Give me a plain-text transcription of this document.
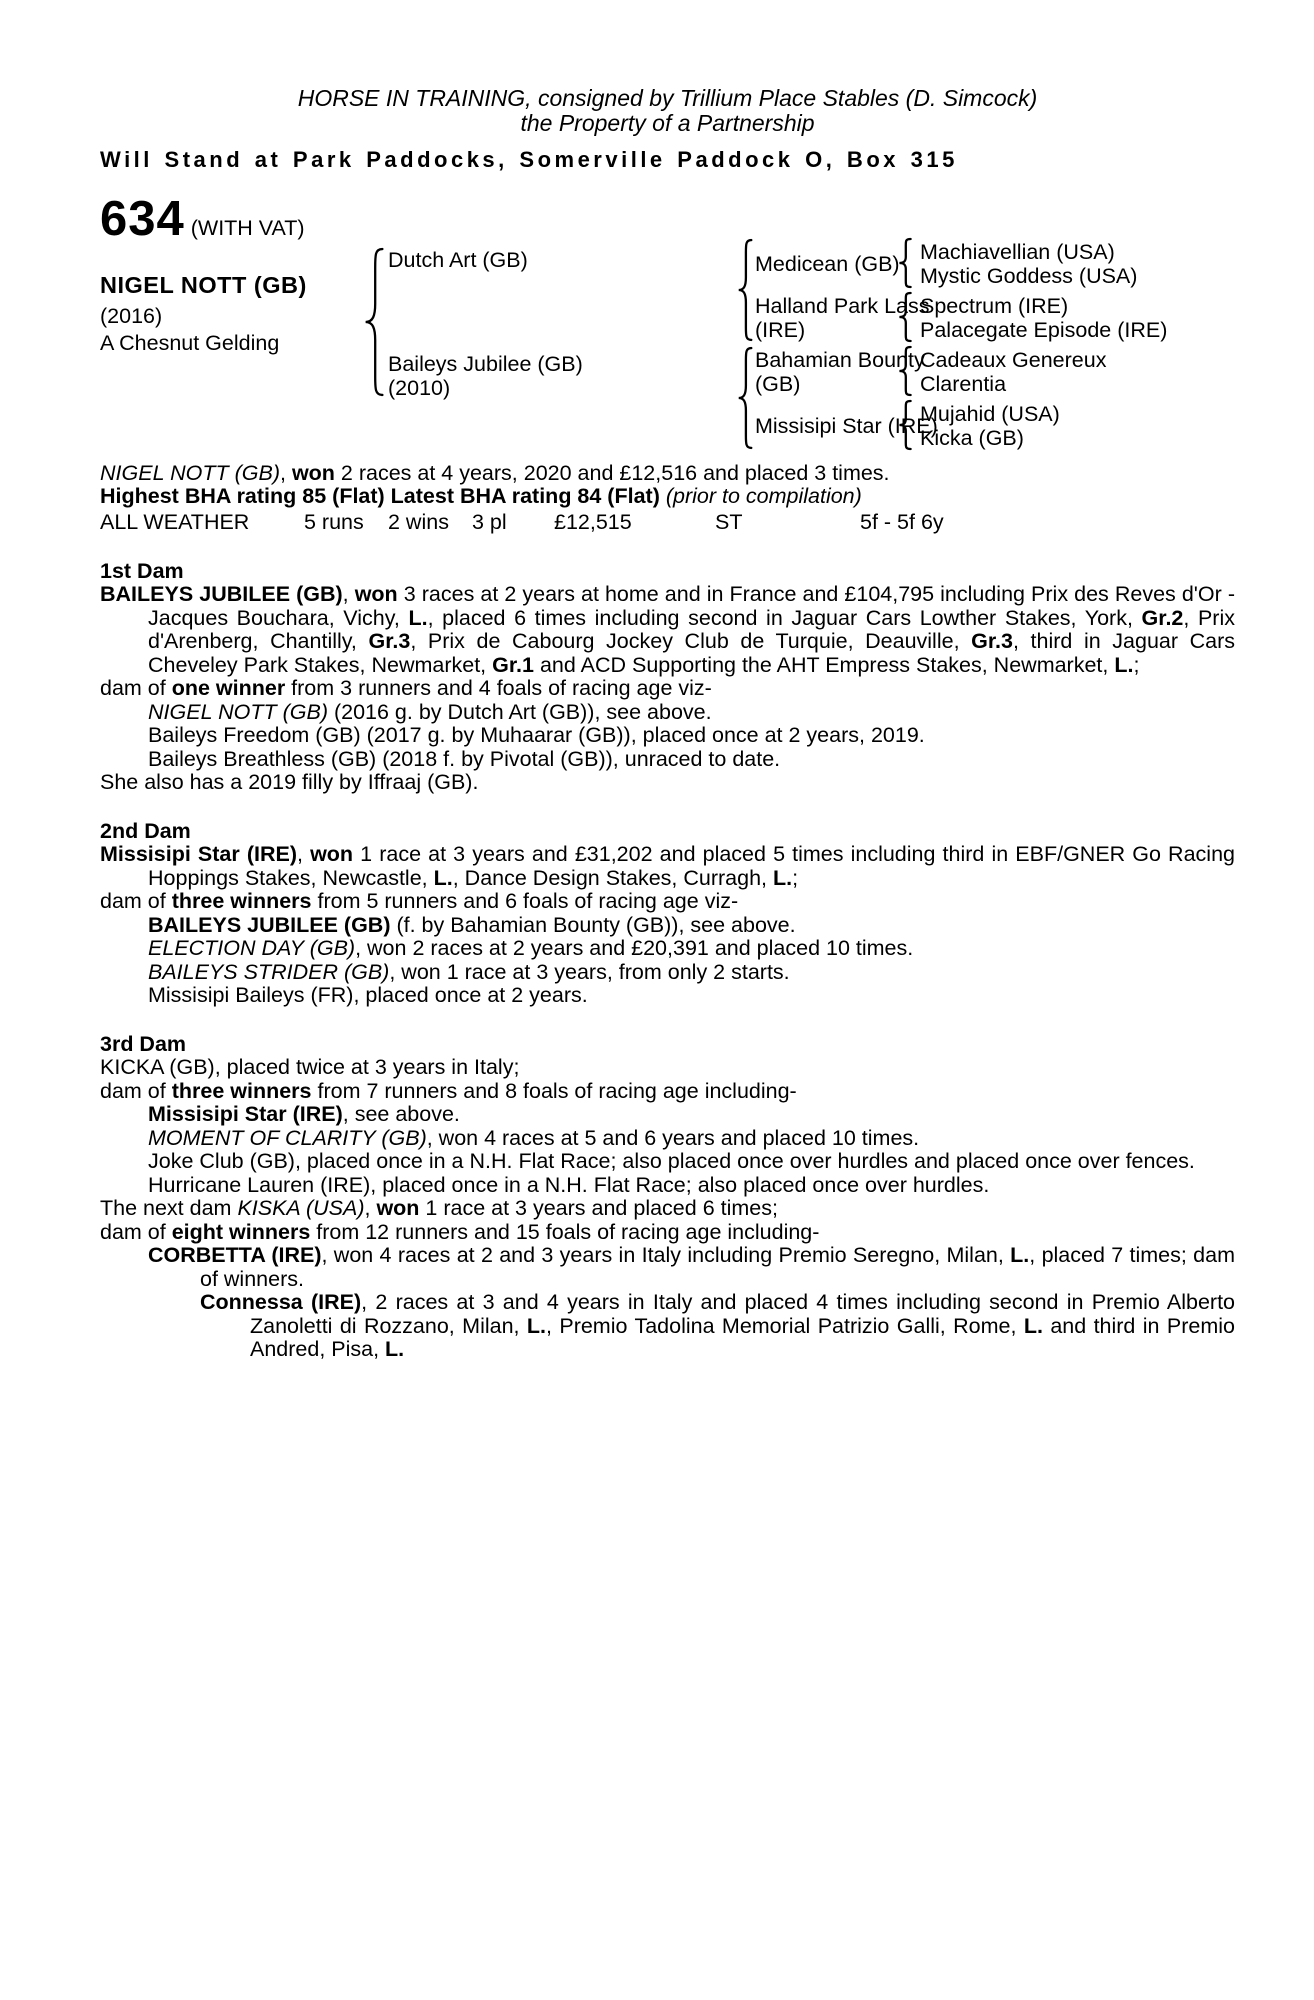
HORSE IN TRAINING, consigned by Trillium Place Stables (D. Simcock)
the Property of a Partnership
Will Stand at Park Paddocks, Somerville Paddock O, Box 315
634 (WITH VAT)
NIGEL NOTT (GB)
(2016)
A Chesnut Gelding
Dutch Art (GB)
Baileys Jubilee (GB)
(2010)
Medicean (GB)
Halland Park Lass (IRE)
Bahamian Bounty (GB)
Missisipi Star (IRE)
Machiavellian (USA)
Mystic Goddess (USA)
Spectrum (IRE)
Palacegate Episode (IRE)
Cadeaux Genereux
Clarentia
Mujahid (USA)
Kicka (GB)

NIGEL NOTT (GB), won 2 races at 4 years, 2020 and £12,516 and placed 3 times.

Highest BHA rating 85 (Flat) Latest BHA rating 84 (Flat) (prior to compilation)

ALL WEATHER	5 runs 2 wins 3 pl £12,515	ST	5f - 5f 6y
1st Dam

BAILEYS JUBILEE (GB), won 3 races at 2 years at home and in France and £104,795 including Prix des Reves d'Or - Jacques Bouchara, Vichy, L., placed 6 times including second in Jaguar Cars Lowther Stakes, York, Gr.2, Prix d'Arenberg, Chantilly, Gr.3, Prix de Cabourg Jockey Club de Turquie, Deauville, Gr.3, third in Jaguar Cars Cheveley Park Stakes, Newmarket, Gr.1 and ACD Supporting the AHT Empress Stakes, Newmarket, L.;

dam of one winner from 3 runners and 4 foals of racing age viz-

NIGEL NOTT (GB) (2016 g. by Dutch Art (GB)), see above.

Baileys Freedom (GB) (2017 g. by Muhaarar (GB)), placed once at 2 years, 2019.

Baileys Breathless (GB) (2018 f. by Pivotal (GB)), unraced to date.

She also has a 2019 filly by Iffraaj (GB).

2nd Dam

Missisipi Star (IRE), won 1 race at 3 years and £31,202 and placed 5 times including third in EBF/GNER Go Racing Hoppings Stakes, Newcastle, L., Dance Design Stakes, Curragh, L.;

dam of three winners from 5 runners and 6 foals of racing age viz-

BAILEYS JUBILEE (GB) (f. by Bahamian Bounty (GB)), see above.

ELECTION DAY (GB), won 2 races at 2 years and £20,391 and placed 10 times.

BAILEYS STRIDER (GB), won 1 race at 3 years, from only 2 starts.

Missisipi Baileys (FR), placed once at 2 years.

3rd Dam

KICKA (GB), placed twice at 3 years in Italy;

dam of three winners from 7 runners and 8 foals of racing age including-

Missisipi Star (IRE), see above.

MOMENT OF CLARITY (GB), won 4 races at 5 and 6 years and placed 10 times.

Joke Club (GB), placed once in a N.H. Flat Race; also placed once over hurdles and placed once over fences.

Hurricane Lauren (IRE), placed once in a N.H. Flat Race; also placed once over hurdles.

The next dam KISKA (USA), won 1 race at 3 years and placed 6 times;

dam of eight winners from 12 runners and 15 foals of racing age including-

CORBETTA (IRE), won 4 races at 2 and 3 years in Italy including Premio Seregno, Milan, L., placed 7 times; dam of winners.

Connessa (IRE), 2 races at 3 and 4 years in Italy and placed 4 times including second in Premio Alberto Zanoletti di Rozzano, Milan, L., Premio Tadolina Memorial Patrizio Galli, Rome, L. and third in Premio Andred, Pisa, L.
